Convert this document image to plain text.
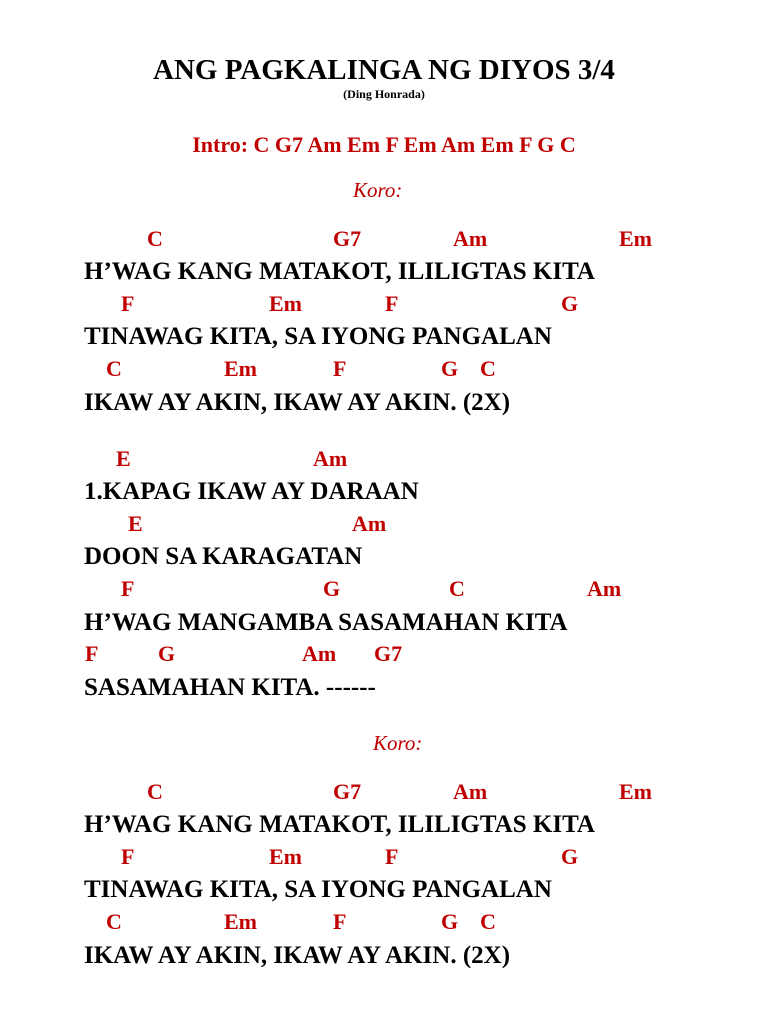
ANG PAGKALINGA NG DIYOS 3/4
(Ding Honrada)
Intro: C G7 Am Em F Em Am Em F G C
Koro:
C	G7	Am	Em
H’WAG KANG MATAKOT, ILILIGTAS KITA
F	Em	F	G
TINAWAG KITA, SA IYONG PANGALAN
C	Em	F	G C
IKAW AY AKIN, IKAW AY AKIN. (2X)
E	Am
1.KAPAG IKAW AY DARAAN
E	Am
DOON SA KARAGATAN
F	G	C	Am
H’WAG MANGAMBA SASAMAHAN KITA
F	G	Am G7
SASAMAHAN KITA. ------
Koro:
C	G7	Am	Em
H’WAG KANG MATAKOT, ILILIGTAS KITA
F	Em	F	G
TINAWAG KITA, SA IYONG PANGALAN
C	Em	F	G C
IKAW AY AKIN, IKAW AY AKIN. (2X)
